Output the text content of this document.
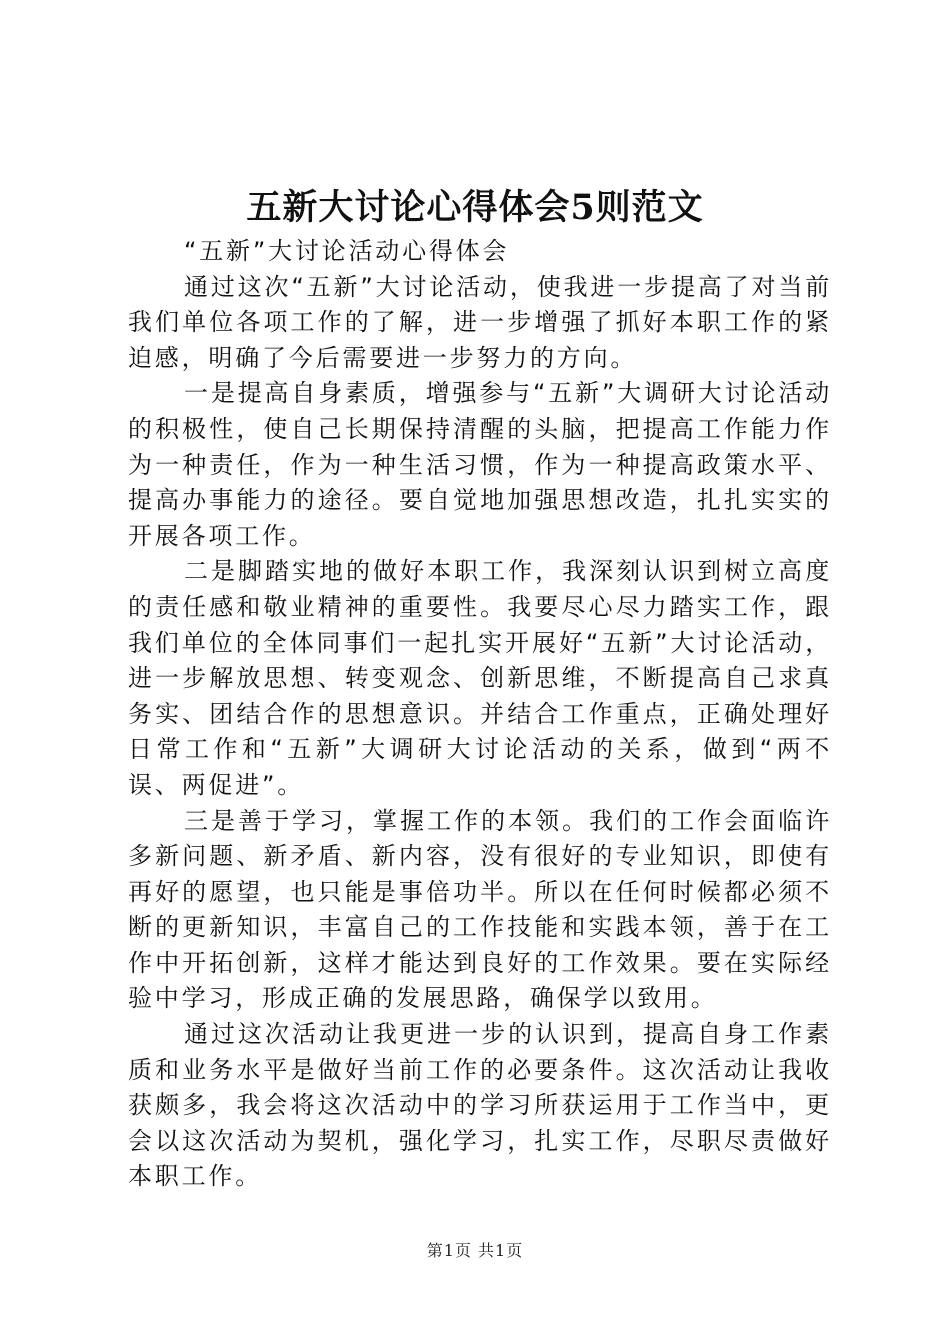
五新大讨论心得体会5则范文

“五新”大讨论活动心得体会

通过这次“五新”大讨论活动，使我进一步提高了对当前我们单位各项工作的了解，进一步增强了抓好本职工作的紧迫感，明确了今后需要进一步努力的方向。

一是提高自身素质，增强参与“五新”大调研大讨论活动的积极性，使自己长期保持清醒的头脑，把提高工作能力作为一种责任，作为一种生活习惯，作为一种提高政策水平、提高办事能力的途径。要自觉地加强思想改造，扎扎实实的开展各项工作。

二是脚踏实地的做好本职工作，我深刻认识到树立高度的责任感和敬业精神的重要性。我要尽心尽力踏实工作，跟我们单位的全体同事们一起扎实开展好“五新”大讨论活动，进一步解放思想、转变观念、创新思维，不断提高自己求真务实、团结合作的思想意识。并结合工作重点，正确处理好日常工作和“五新”大调研大讨论活动的关系，做到“两不误、两促进”。

三是善于学习，掌握工作的本领。我们的工作会面临许多新问题、新矛盾、新内容，没有很好的专业知识，即使有再好的愿望，也只能是事倍功半。所以在任何时候都必须不断的更新知识，丰富自己的工作技能和实践本领，善于在工作中开拓创新，这样才能达到良好的工作效果。要在实际经验中学习，形成正确的发展思路，确保学以致用。

通过这次活动让我更进一步的认识到，提高自身工作素质和业务水平是做好当前工作的必要条件。这次活动让我收获颇多，我会将这次活动中的学习所获运用于工作当中，更会以这次活动为契机，强化学习，扎实工作，尽职尽责做好本职工作。

第1页 共1页
